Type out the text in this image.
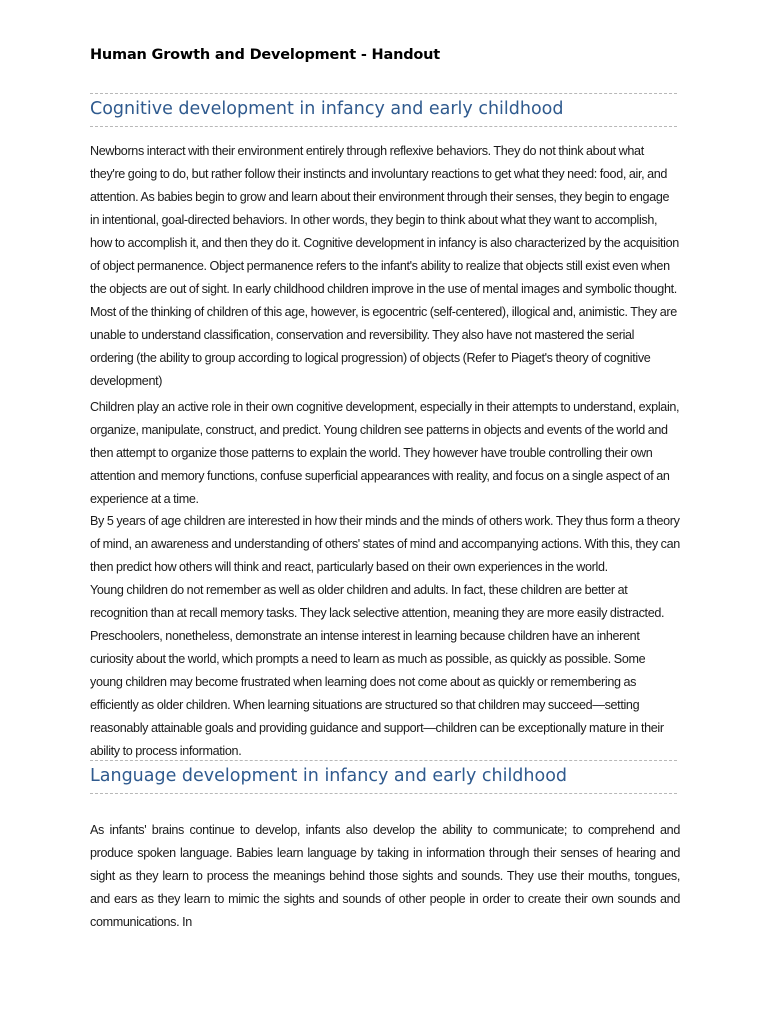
Human Growth and Development - Handout
Cognitive development in infancy and early childhood

Newborns interact with their environment entirely through reflexive behaviors. They do not think about what they're going to do, but rather follow their instincts and involuntary reactions to get what they need: food, air, and attention. As babies begin to grow and learn about their environment through their senses, they begin to engage in intentional, goal-directed behaviors. In other words, they begin to think about what they want to accomplish, how to accomplish it, and then they do it. Cognitive development in infancy is also characterized by the acquisition of object permanence. Object permanence refers to the infant's ability to realize that objects still exist even when the objects are out of sight. In early childhood children improve in the use of mental images and symbolic thought. Most of the thinking of children of this age, however, is egocentric (self-centered), illogical and, animistic. They are unable to understand classification, conservation and reversibility. They also have not mastered the serial ordering (the ability to group according to logical progression) of objects (Refer to Piaget's theory of cognitive development)

Children play an active role in their own cognitive development, especially in their attempts to understand, explain, organize, manipulate, construct, and predict. Young children see patterns in objects and events of the world and then attempt to organize those patterns to explain the world. They however have trouble controlling their own attention and memory functions, confuse superficial appearances with reality, and focus on a single aspect of an experience at a time.

By 5 years of age children are interested in how their minds and the minds of others work. They thus form a theory of mind, an awareness and understanding of others' states of mind and accompanying actions. With this, they can then predict how others will think and react, particularly based on their own experiences in the world.

Young children do not remember as well as older children and adults. In fact, these children are better at recognition than at recall memory tasks. They lack selective attention, meaning they are more easily distracted. Preschoolers, nonetheless, demonstrate an intense interest in learning because children have an inherent curiosity about the world, which prompts a need to learn as much as possible, as quickly as possible. Some young children may become frustrated when learning does not come about as quickly or remembering as efficiently as older children. When learning situations are structured so that children may succeed—setting reasonably attainable goals and providing guidance and support—children can be exceptionally mature in their ability to process information.

Language development in infancy and early childhood

As infants' brains continue to develop, infants also develop the ability to communicate; to comprehend and produce spoken language. Babies learn language by taking in information through their senses of hearing and sight as they learn to process the meanings behind those sights and sounds. They use their mouths, tongues, and ears as they learn to mimic the sights and sounds of other people in order to create their own sounds and communications. In
